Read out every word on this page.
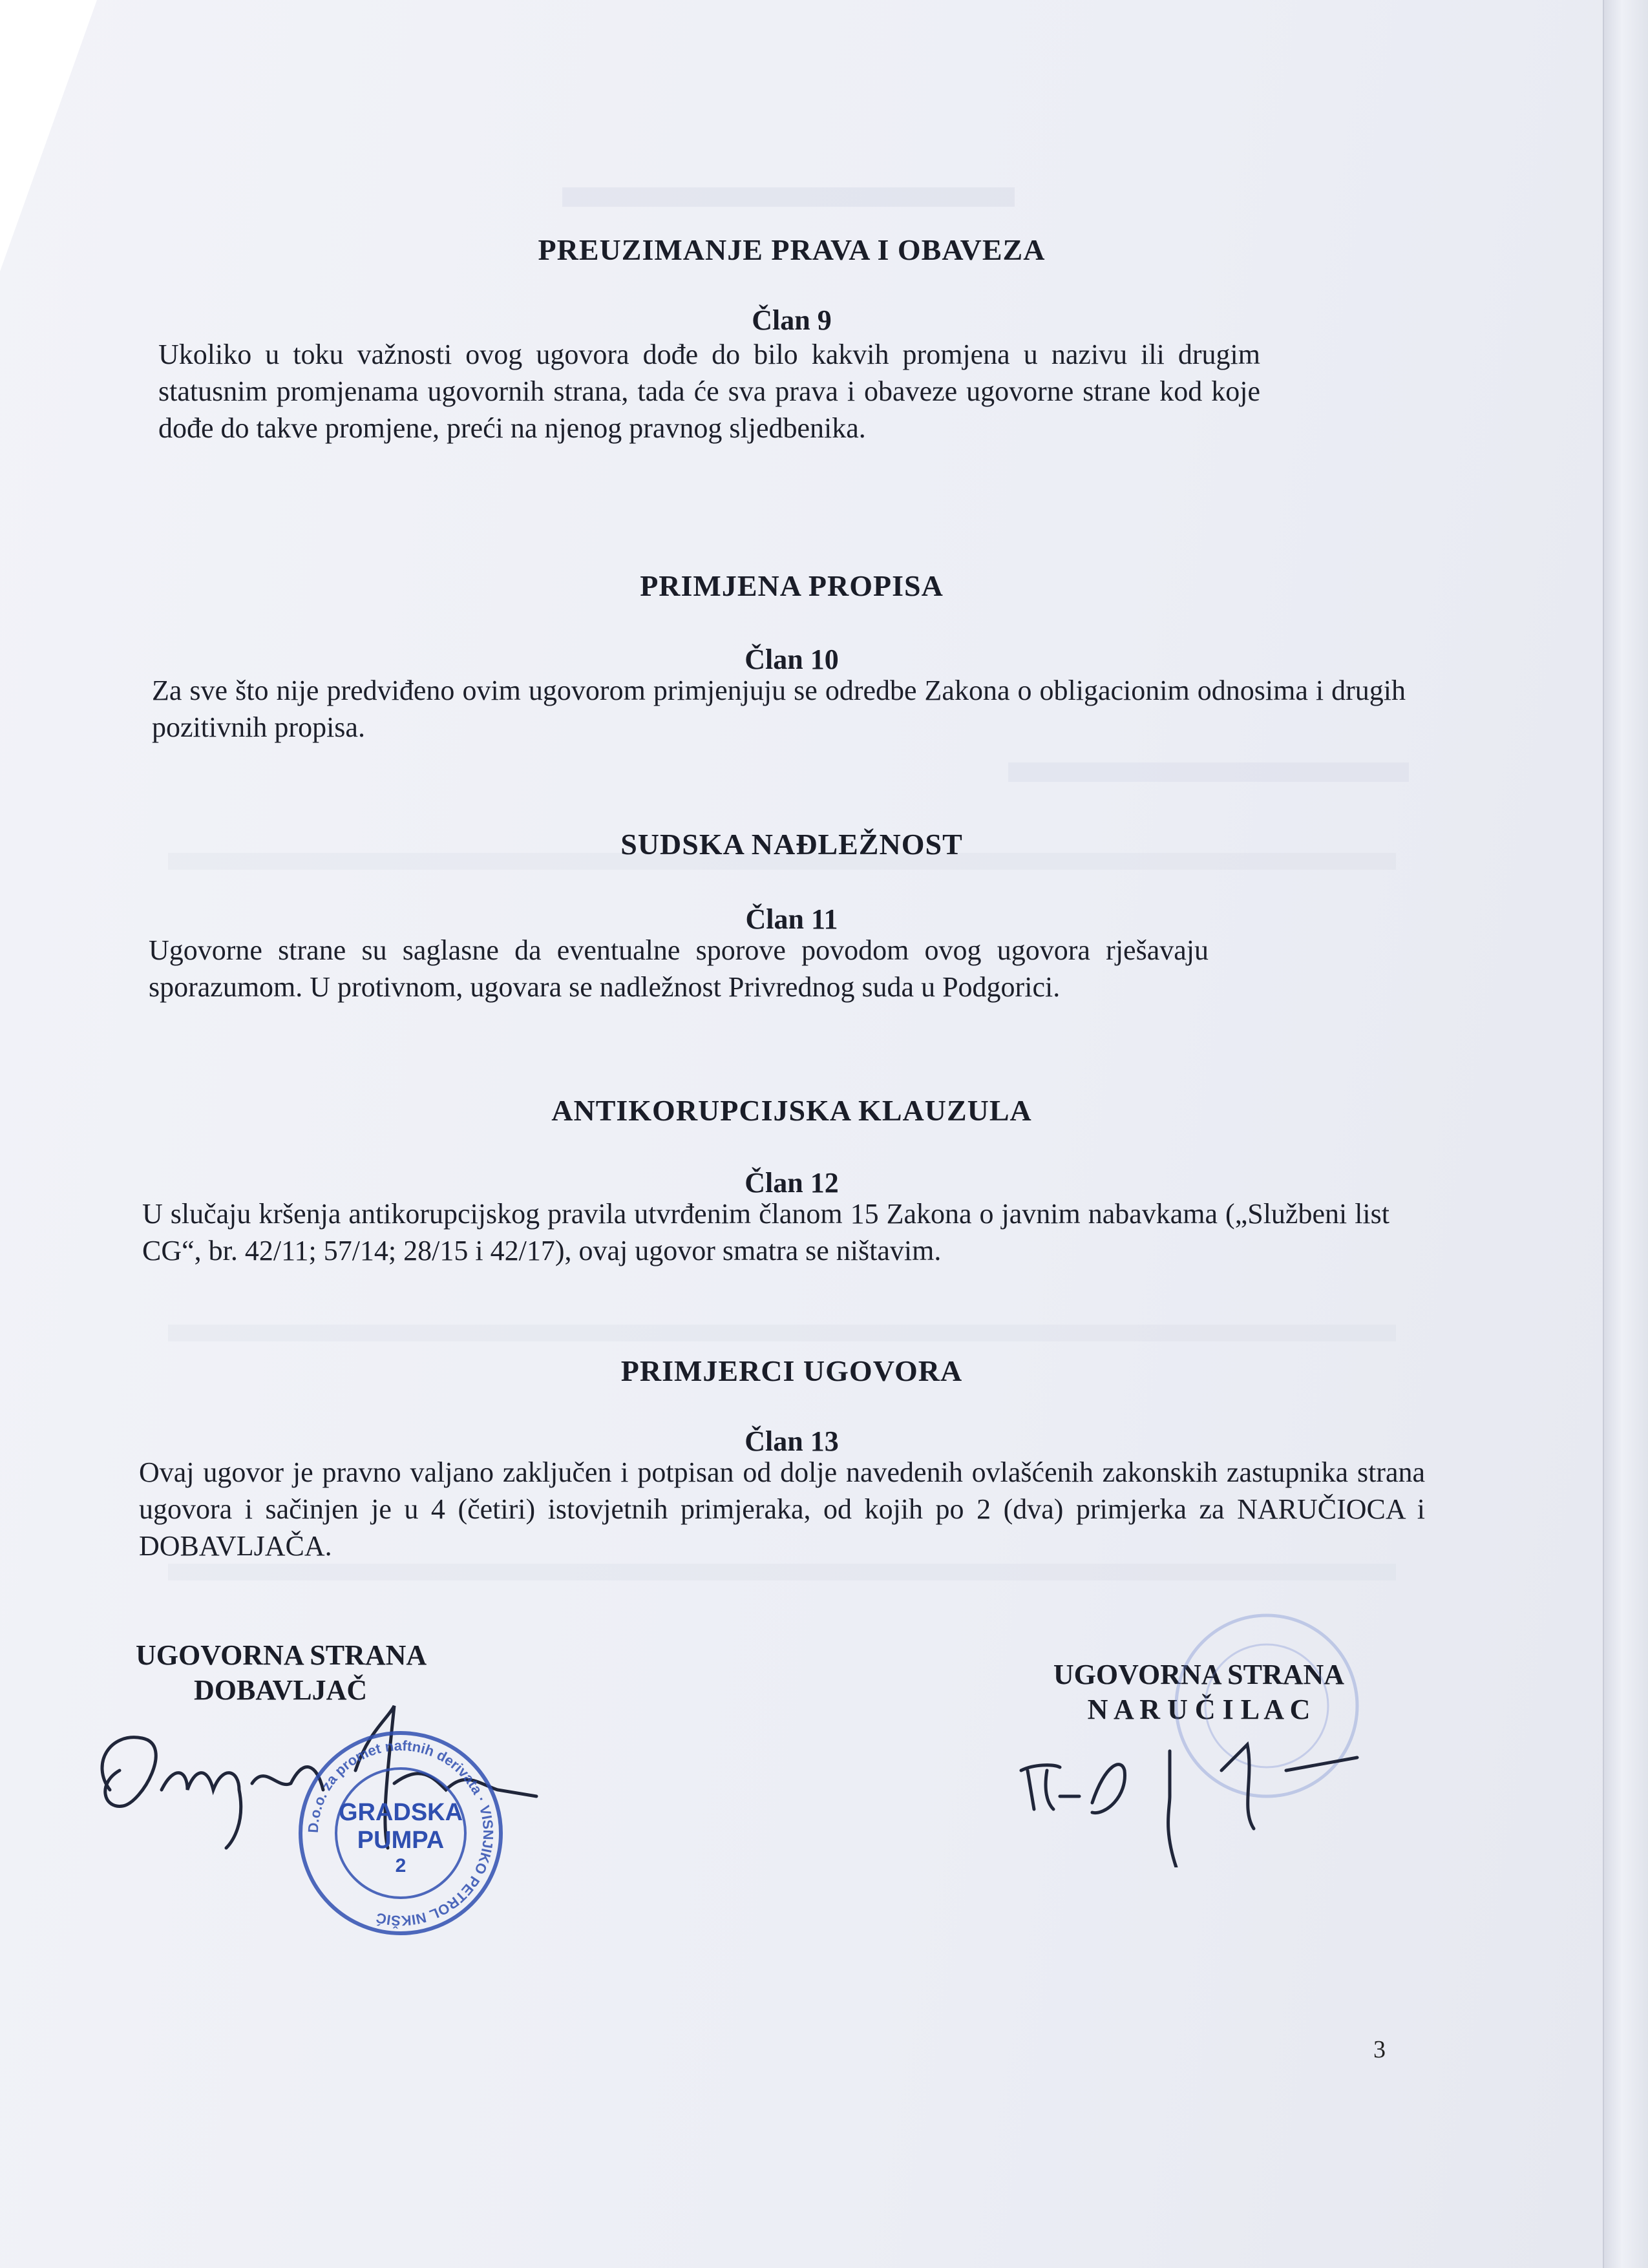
PREUZIMANJE PRAVA I OBAVEZA
Član 9

Ukoliko u toku važnosti ovog ugovora dođe do bilo kakvih promjena u nazivu ili drugim statusnim promjenama ugovornih strana, tada će sva prava i obaveze ugovorne strane kod koje dođe do takve promjene, preći na njenog pravnog sljedbenika.

PRIMJENA PROPISA
Član 10

Za sve što nije predviđeno ovim ugovorom primjenjuju se odredbe Zakona o obligacionim odnosima i drugih pozitivnih propisa.

SUDSKA NAĐLEŽNOST
Član 11

Ugovorne strane su saglasne da eventualne sporove povodom ovog ugovora rješavaju sporazumom. U protivnom, ugovara se nadležnost Privrednog suda u Podgorici.

ANTIKORUPCIJSKA KLAUZULA
Član 12

U slučaju kršenja antikorupcijskog pravila utvrđenim članom 15 Zakona o javnim nabavkama („Službeni list CG“, br. 42/11; 57/14; 28/15 i 42/17), ovaj ugovor smatra se ništavim.

PRIMJERCI UGOVORA
Član 13

Ovaj ugovor je pravno valjano zaključen i potpisan od dolje navedenih ovlašćenih zakonskih zastupnika strana ugovora i sačinjen je u 4 (četiri) istovjetnih primjeraka, od kojih po 2 (dva) primjerka za NARUČIOCA i DOBAVLJAČA.

UGOVORNA STRANA
DOBAVLJAČ	UGOVORNA STRANA
N A R U Č I L A C
D.o.o. za promet naftnih derivata · VISNJIKO PETROL NIKŠIĆ
GRADSKA
PUMPA
2
3
